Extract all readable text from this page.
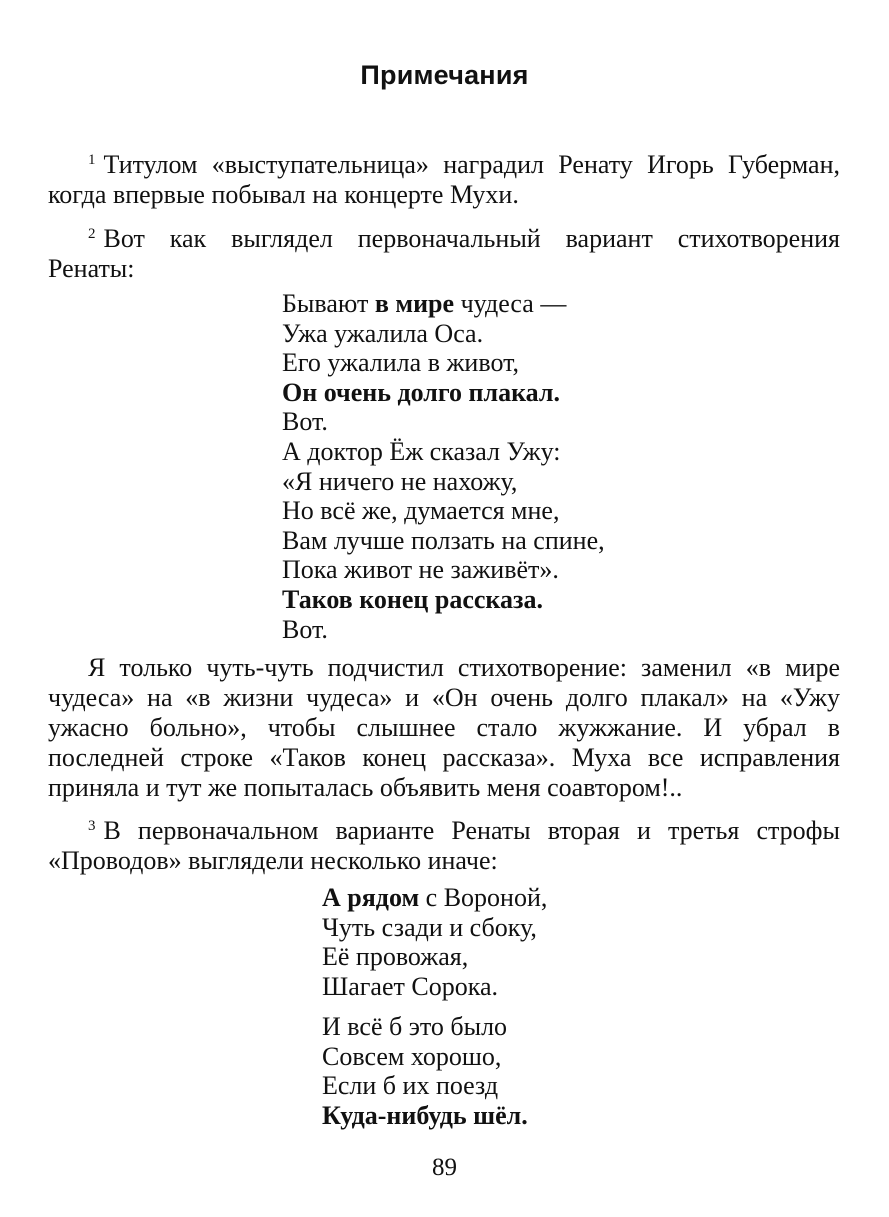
Примечания
$^1$ Титулом «выступательница» наградил Ренату Игорь Губерман, когда впервые побывал на концерте Мухи.
$^2$ Вот как выглядел первоначальный вариант стихотворения Ренаты:
Бывают в мире чудеса —
Ужа ужалила Оса.
Его ужалила в живот,
Он очень долго плакал.
Вот.
А доктор Ёж сказал Ужу:
«Я ничего не нахожу,
Но всё же, думается мне,
Вам лучше ползать на спине,
Пока живот не заживёт».
Таков конец рассказа.
Вот.
Я только чуть-чуть подчистил стихотворение: заменил «в мире чудеса» на «в жизни чудеса» и «Он очень долго плакал» на «Ужу ужасно больно», чтобы слышнее стало жужжание. И убрал в последней строке «Таков конец рассказа». Муха все исправления приняла и тут же попыталась объявить меня соавтором!..
$^3$ В первоначальном варианте Ренаты вторая и третья строфы «Проводов» выглядели несколько иначе:
А рядом с Вороной,
Чуть сзади и сбоку,
Её провожая,
Шагает Сорока.
И всё б это было
Совсем хорошо,
Если б их поезд
Куда-нибудь шёл.
89
